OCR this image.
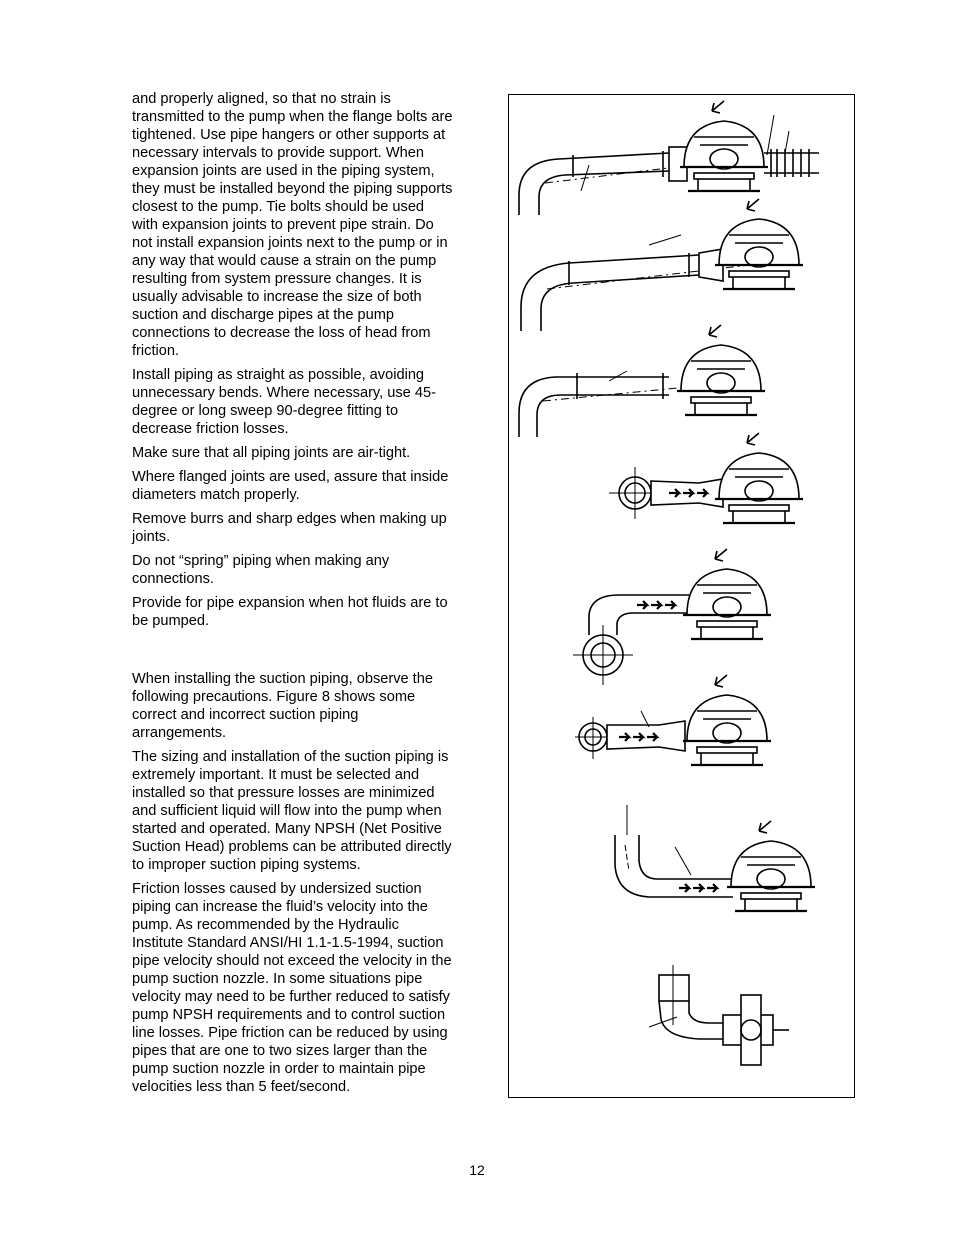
and properly aligned, so that no strain is transmitted to the pump when the flange bolts are tightened. Use pipe hangers or other supports at necessary intervals to provide support. When expansion joints are used in the piping system, they must be installed beyond the piping supports closest to the pump. Tie bolts should be used with expansion joints to prevent pipe strain. Do not install expansion joints next to the pump or in any way that would cause a strain on the pump resulting from system pressure changes. It is usually advisable to increase the size of both suction and discharge pipes at the pump connections to decrease the loss of head from friction.

Install piping as straight as possible, avoiding unnecessary bends. Where necessary, use 45-degree or long sweep 90-degree fitting to decrease friction losses.

Make sure that all piping joints are air-tight.

Where flanged joints are used, assure that inside diameters match properly.

Remove burrs and sharp edges when making up joints.

Do not “spring” piping when making any connections.

Provide for pipe expansion when hot fluids are to be pumped.

When installing the suction piping, observe the following precautions. Figure 8 shows some correct and incorrect suction piping arrangements.

The sizing and installation of the suction piping is extremely important. It must be selected and installed so that pressure losses are minimized and sufficient liquid will flow into the pump when started and operated. Many NPSH (Net Positive Suction Head) problems can be attributed directly to improper suction piping systems.

Friction losses caused by undersized suction piping can increase the fluid’s velocity into the pump. As recommended by the Hydraulic Institute Standard ANSI/HI 1.1-1.5-1994, suction pipe velocity should not exceed the velocity in the pump suction nozzle. In some situations pipe velocity may need to be further reduced to satisfy pump NPSH requirements and to control suction line losses. Pipe friction can be reduced by using pipes that are one to two sizes larger than the pump suction nozzle in order to maintain pipe velocities less than 5 feet/second.

12
